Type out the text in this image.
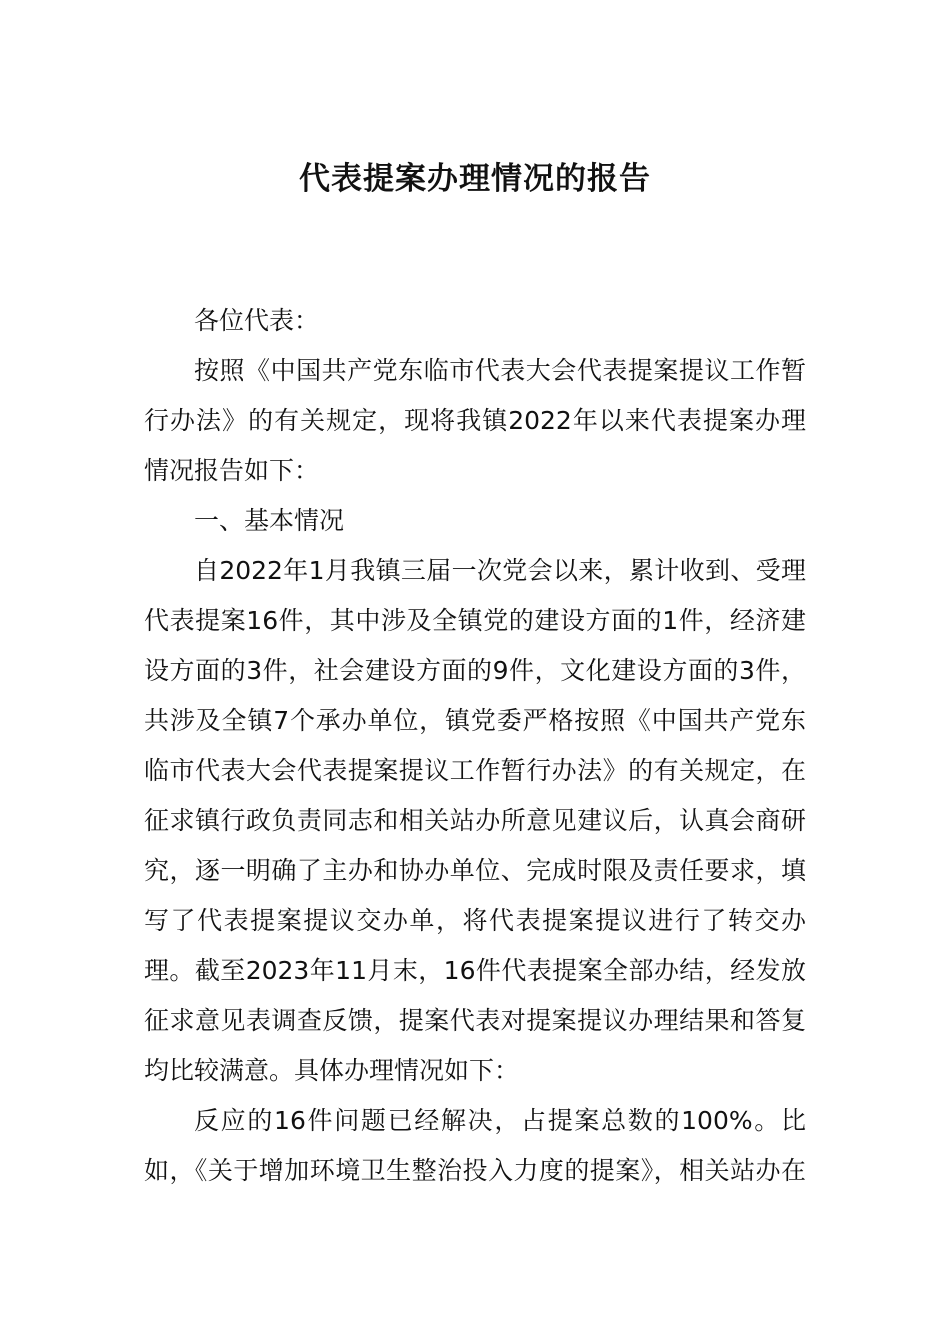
代表提案办理情况的报告

各位代表：

按照《中国共产党东临市代表大会代表提案提议工作暂行办法》的有关规定，现将我镇2022年以来代表提案办理情况报告如下：

一、基本情况

自2022年1月我镇三届一次党会以来，累计收到、受理代表提案16件，其中涉及全镇党的建设方面的1件，经济建设方面的3件，社会建设方面的9件，文化建设方面的3件，共涉及全镇7个承办单位，镇党委严格按照《中国共产党东临市代表大会代表提案提议工作暂行办法》的有关规定，在征求镇行政负责同志和相关站办所意见建议后，认真会商研究，逐一明确了主办和协办单位、完成时限及责任要求，填写了代表提案提议交办单，将代表提案提议进行了转交办理。截至2023年11月末，16件代表提案全部办结，经发放征求意见表调查反馈，提案代表对提案提议办理结果和答复均比较满意。具体办理情况如下：

反应的16件问题已经解决，占提案总数的100%。比如，《关于增加环境卫生整治投入力度的提案》，相关站办在
